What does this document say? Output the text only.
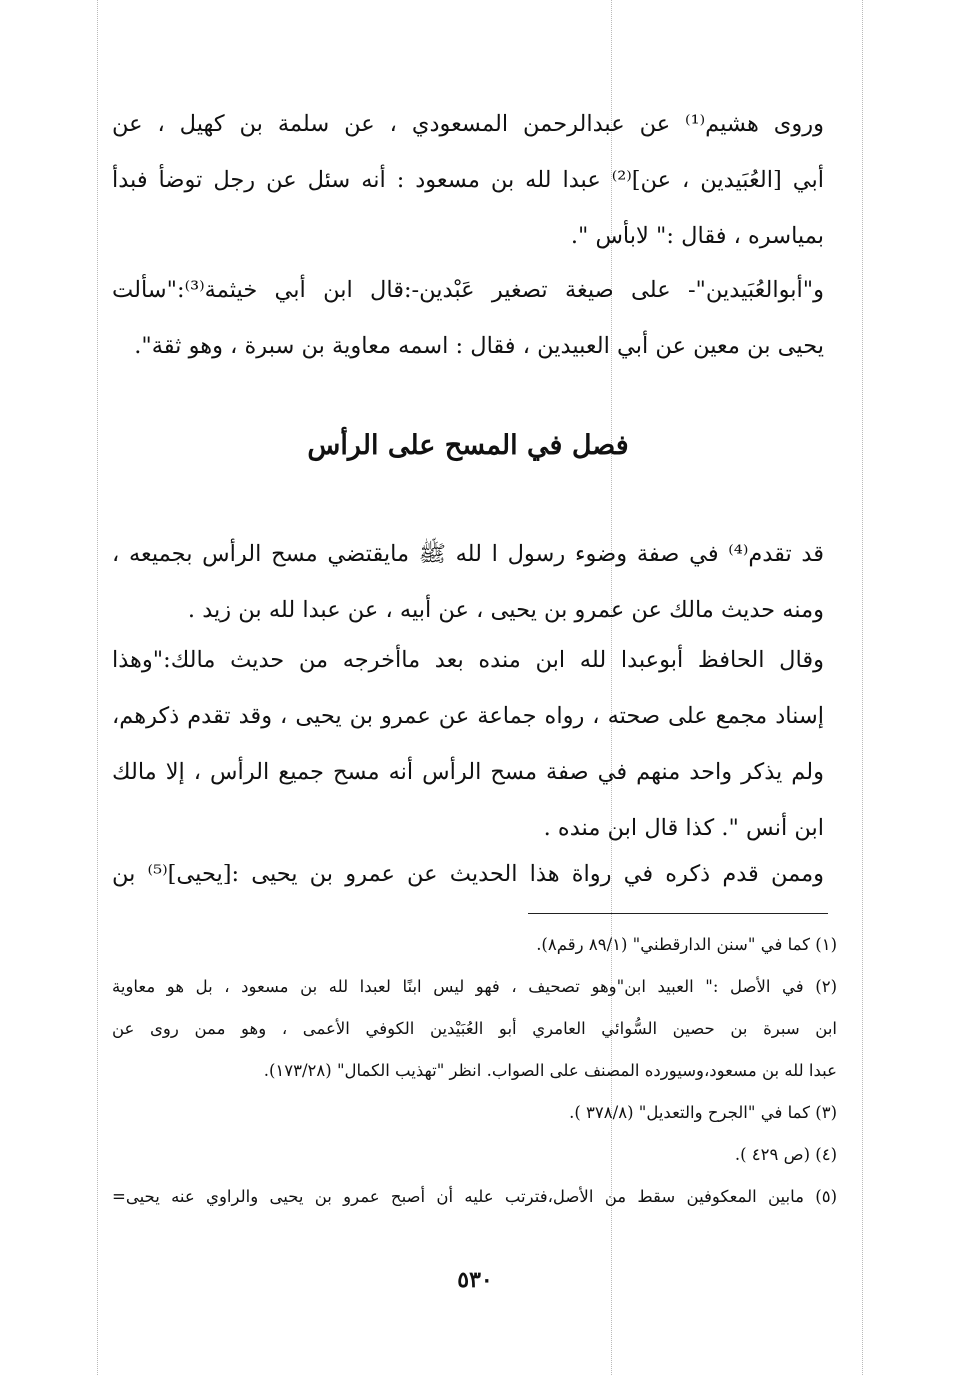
وروى هشيم⁽¹⁾ عن عبدالرحمن المسعودي ، عن سلمة بن كهيل ، عن
أبي [العُبَيدين ، عن]⁽²⁾ عبدا لله بن مسعود : أنه سئل عن رجل توضأ فبدأ
بمياسره ، فقال :" لابأس ".
و"أبوالعُبَيدين"- على صيغة تصغير عَبْدين-:قال ابن أبي خيثمة⁽³⁾:"سألت
يحيى بن معين عن أبي العبيدين ، فقال : اسمه معاوية بن سبرة ، وهو ثقة".
فصل في المسح على الرأس
قد تقدم⁽⁴⁾ في صفة وضوء رسول ا لله ﷺ مايقتضي مسح الرأس بجميعه ،
ومنه حديث مالك عن عمرو بن يحيى ، عن أبيه ، عن عبدا لله بن زيد .
وقال الحافظ أبوعبدا لله ابن منده بعد ماأخرجه من حديث مالك:"وهذا
إسناد مجمع على صحته ، رواه جماعة عن عمرو بن يحيى ، وقد تقدم ذكرهم،
ولم يذكر واحد منهم في صفة مسح الرأس أنه مسح جميع الرأس ، إلا مالك
ابن أنس ". كذا قال ابن منده .
وممن قدم ذكره في رواة هذا الحديث عن عمرو بن يحيى :[يحيى]⁽⁵⁾ بن
(١) كما في "سنن الدارقطني" (٨٩/١ رقم٨).
(٢) في الأصل :" العبيد ابن"وهو تصحيف ، فهو ليس ابنًا لعبدا لله بن مسعود ، بل هو معاوية
ابن سبرة بن حصين السُّوائي العامري أبو العُبَيْدين الكوفي الأعمى ، وهو ممن روى عن
عبدا لله بن مسعود،وسيورده المصنف على الصواب. انظر "تهذيب الكمال" (١٧٣/٢٨).
(٣) كما في "الجرح والتعديل" (٣٧٨/٨ ).
(٤) (ص ٤٢٩ ).
(٥) مابين المعكوفين سقط من الأصل،فترتب عليه أن أصبح عمرو بن يحيى والراوي عنه يحيى=
٥٣٠
